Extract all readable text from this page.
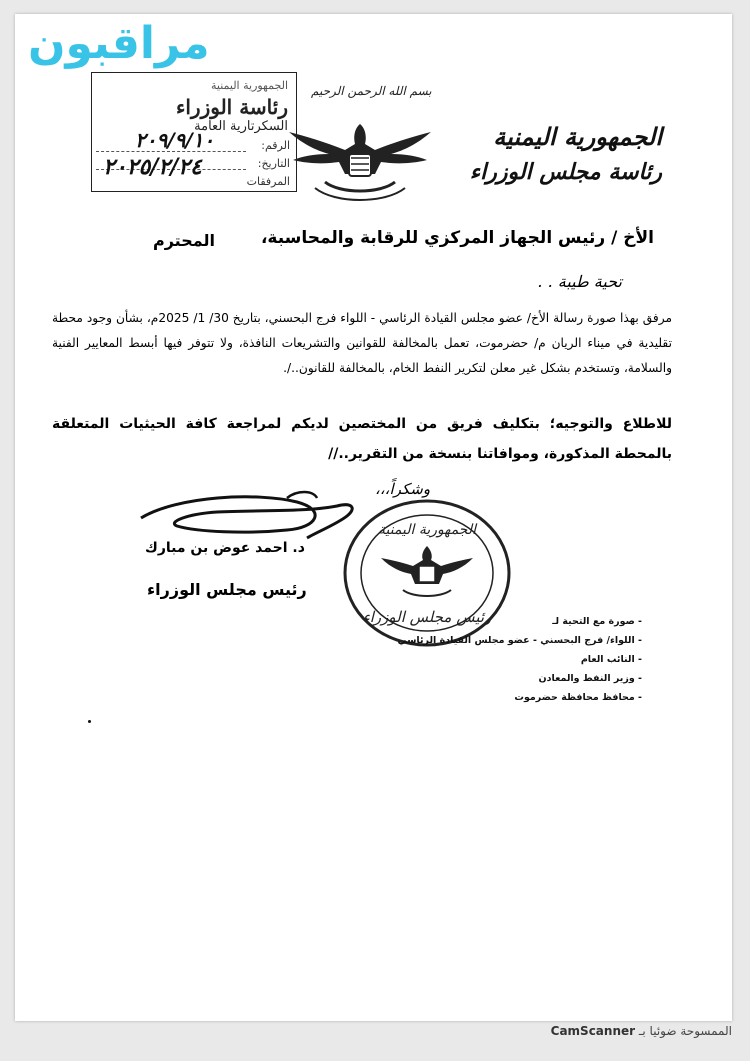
الجمهورية اليمنية
رئاسة الوزراء
السكرتارية العامة
الرقم:
التاريخ:
المرفقات
٢٠٩/٩/١٠
٢٠٢٥/٢/٢٤
بسم الله الرحمن الرحيم
الجمهورية اليمنية
رئاسة مجلس الوزراء
الأخ / رئيس الجهاز المركزي للرقابة والمحاسبة،
المحترم
تحية طيبة . .
مرفق بهذا صورة رسالة الأخ/ عضو مجلس القيادة الرئاسي - اللواء فرج البحسني، بتاريخ 30/ 1/ 2025م، بشأن وجود محطة تقليدية في ميناء الريان م/ حضرموت، تعمل بالمخالفة للقوانين والتشريعات النافذة، ولا تتوفر فيها أبسط المعايير الفنية والسلامة، وتستخدم بشكل غير معلن لتكرير النفط الخام، بالمخالفة للقانون../.
للاطلاع والتوجيه؛ بتكليف فريق من المختصين لديكم لمراجعة كافة الحيثيات المتعلقة بالمحطة المذكورة، وموافاتنا بنسخة من التقرير..//
وشكراً،،،
د. احمد عوض بن مبارك
رئيس مجلس الوزراء
الجمهورية اليمنية
رئيس مجلس الوزراء	- صورة مع التحية لـ
- اللواء/ فرج البحسني - عضو مجلس القيادة الرئاسي
- النائب العام
- وزير النفط والمعادن
- محافظ محافظة حضرموت
مراقبون
الممسوحة ضوئيا بـ CamScanner
